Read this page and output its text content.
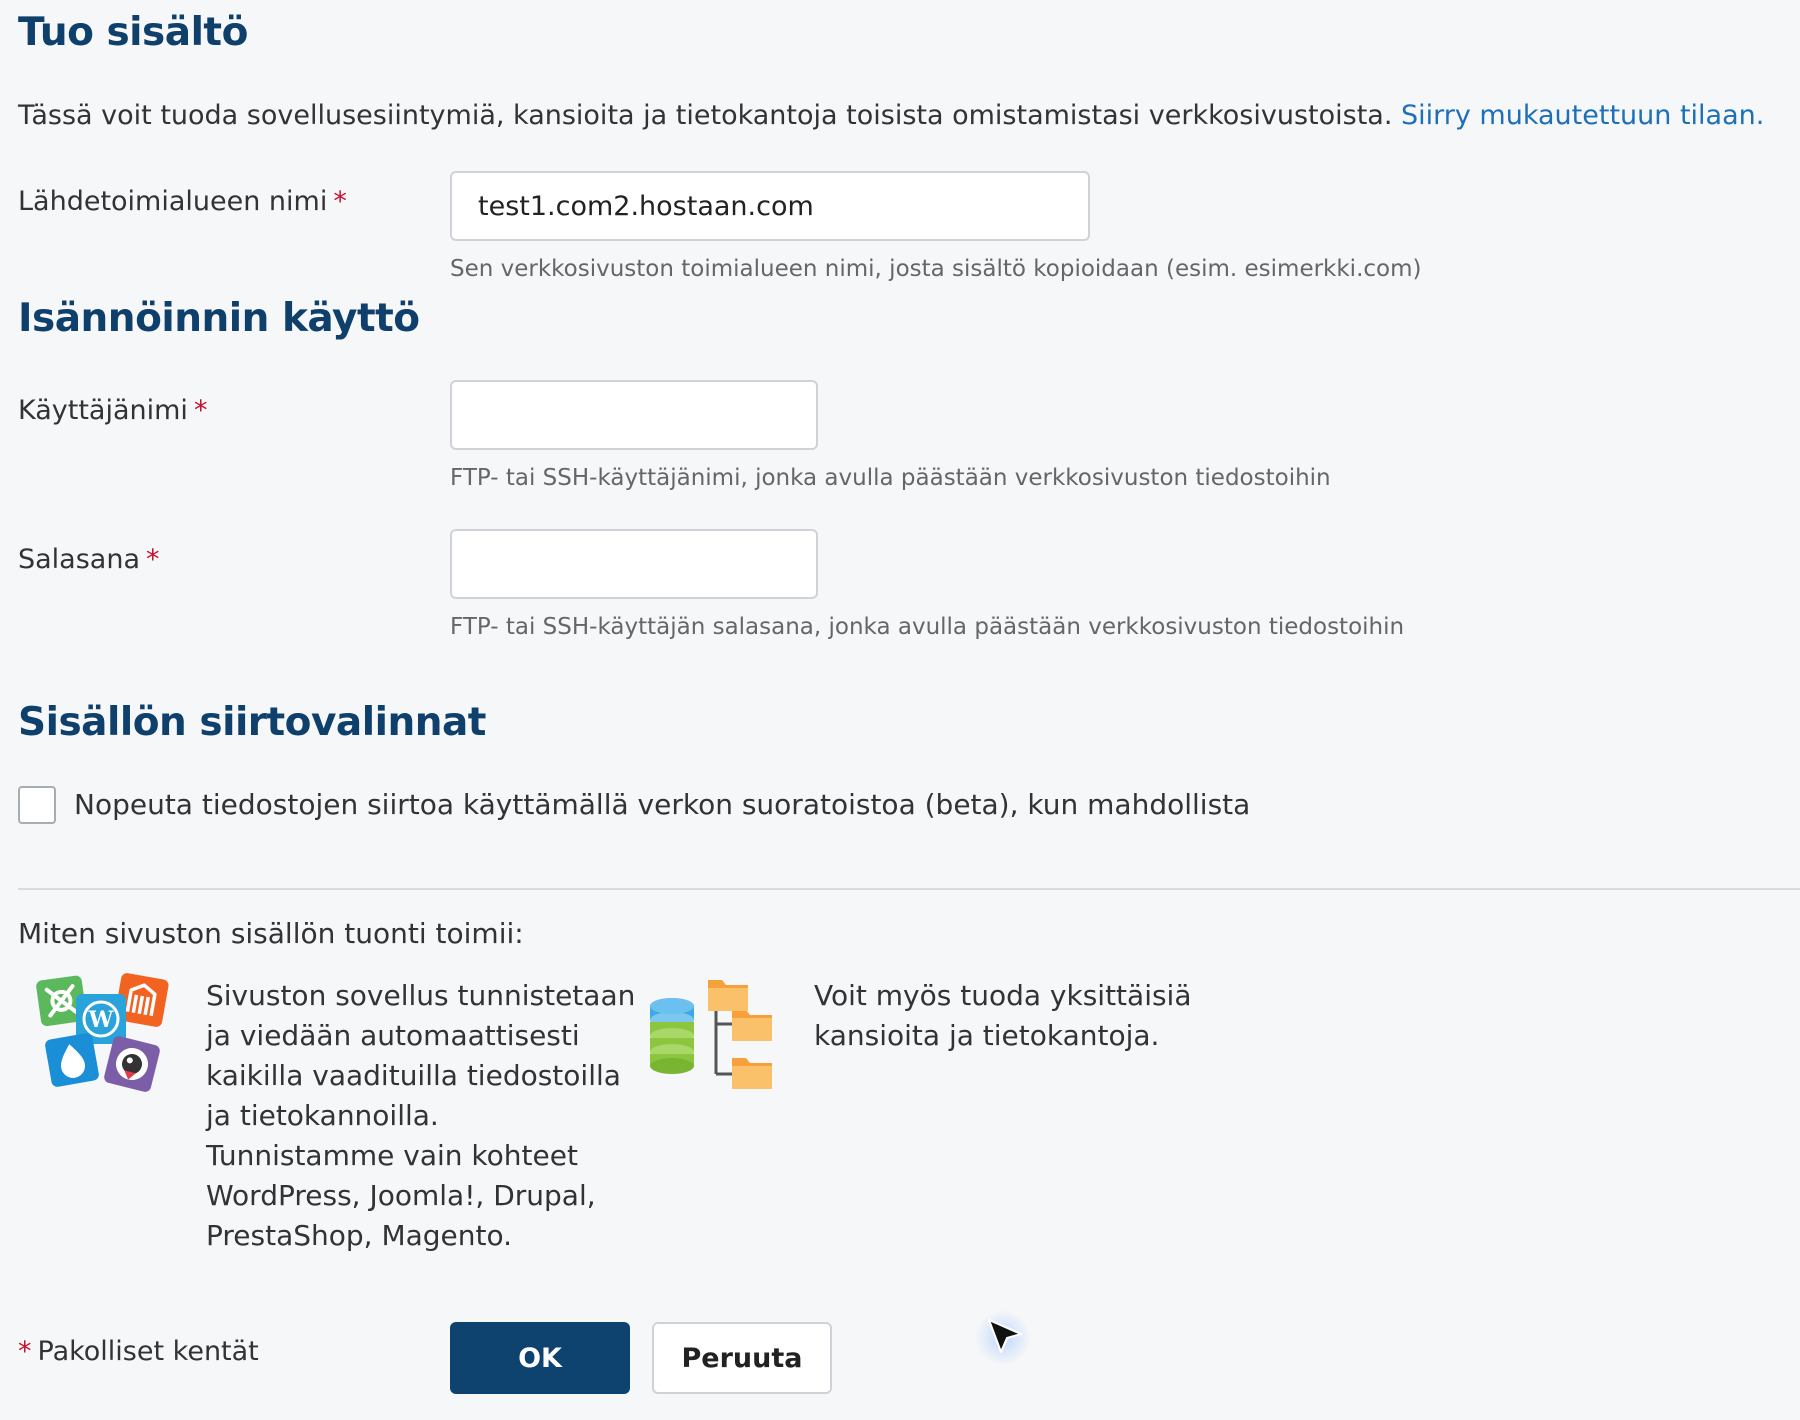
Tuo sisältö
Tässä voit tuoda sovellusesiintymiä, kansioita ja tietokantoja toisista omistamistasi verkkosivustoista. Siirry mukautettuun tilaan.
Lähdetoimialueen nimi *
test1.com2.hostaan.com
Sen verkkosivuston toimialueen nimi, josta sisältö kopioidaan (esim. esimerkki.com)
Isännöinnin käyttö
Käyttäjänimi *
FTP- tai SSH-käyttäjänimi, jonka avulla päästään verkkosivuston tiedostoihin
Salasana *
FTP- tai SSH-käyttäjän salasana, jonka avulla päästään verkkosivuston tiedostoihin
Sisällön siirtovalinnat
Nopeuta tiedostojen siirtoa käyttämällä verkon suoratoistoa (beta), kun mahdollista
Miten sivuston sisällön tuonti toimii:
W
Sivuston sovellus tunnistetaan
ja viedään automaattisesti
kaikilla vaadituilla tiedostoilla
ja tietokannoilla.
Tunnistamme vain kohteet
WordPress, Joomla!, Drupal,
PrestaShop, Magento.
Voit myös tuoda yksittäisiä
kansioita ja tietokantoja.
* Pakolliset kentät	OK	Peruuta
